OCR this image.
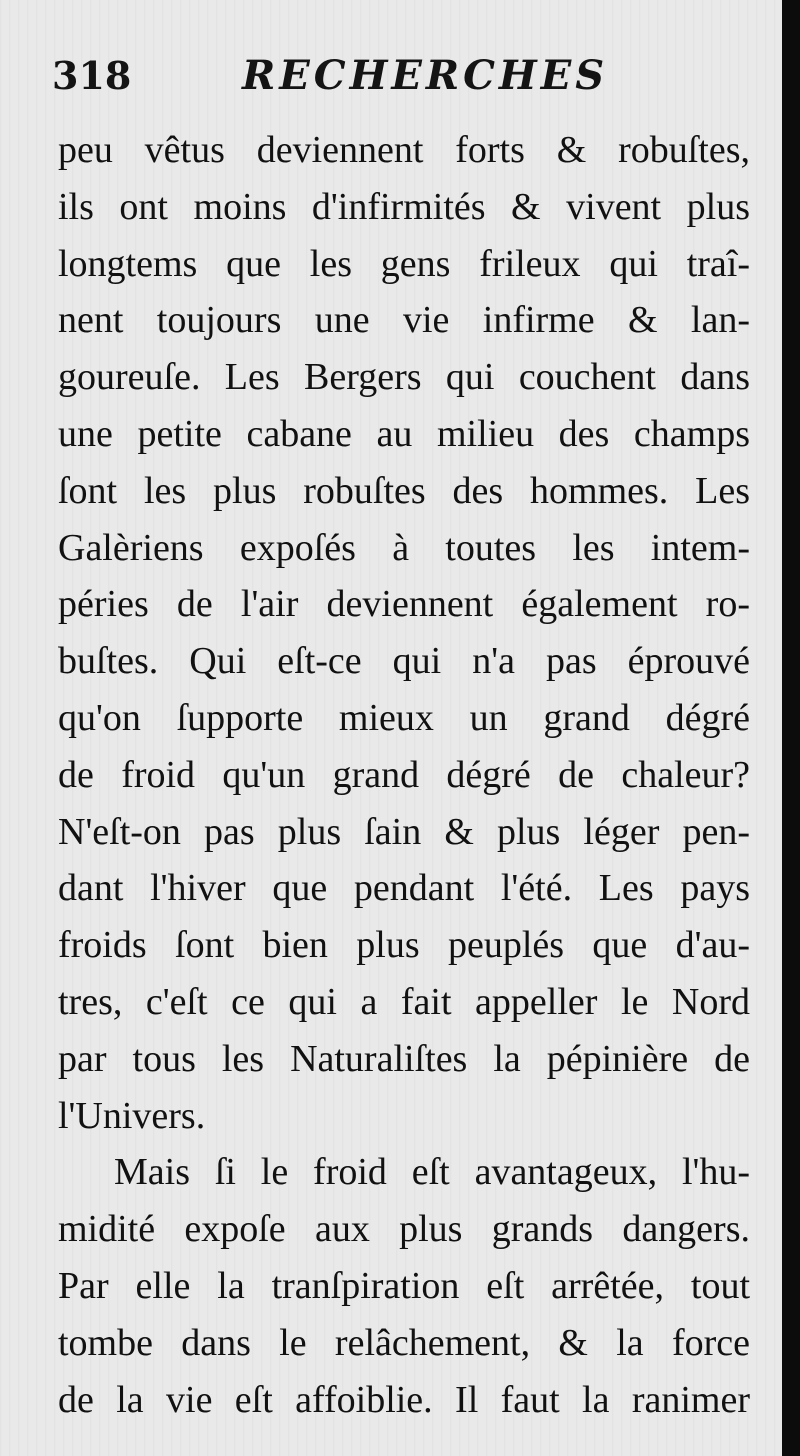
318	RECHERCHES
peu vêtus deviennent forts & robuſtes,
ils ont moins d'infirmités & vivent plus
longtems que les gens frileux qui traî-
nent toujours une vie infirme & lan-
goureuſe. Les Bergers qui couchent dans
une petite cabane au milieu des champs
ſont les plus robuſtes des hommes. Les
Galèriens expoſés à toutes les intem-
péries de l'air deviennent également ro-
buſtes. Qui eſt-ce qui n'a pas éprouvé
qu'on ſupporte mieux un grand dégré
de froid qu'un grand dégré de chaleur?
N'eſt-on pas plus ſain & plus léger pen-
dant l'hiver que pendant l'été. Les pays
froids ſont bien plus peuplés que d'au-
tres, c'eſt ce qui a fait appeller le Nord
par tous les Naturaliſtes la pépinière de
l'Univers.
Mais ſi le froid eſt avantageux, l'hu-
midité expoſe aux plus grands dangers.
Par elle la tranſpiration eſt arrêtée, tout
tombe dans le relâchement, & la force
de la vie eſt affoiblie. Il faut la ranimer
